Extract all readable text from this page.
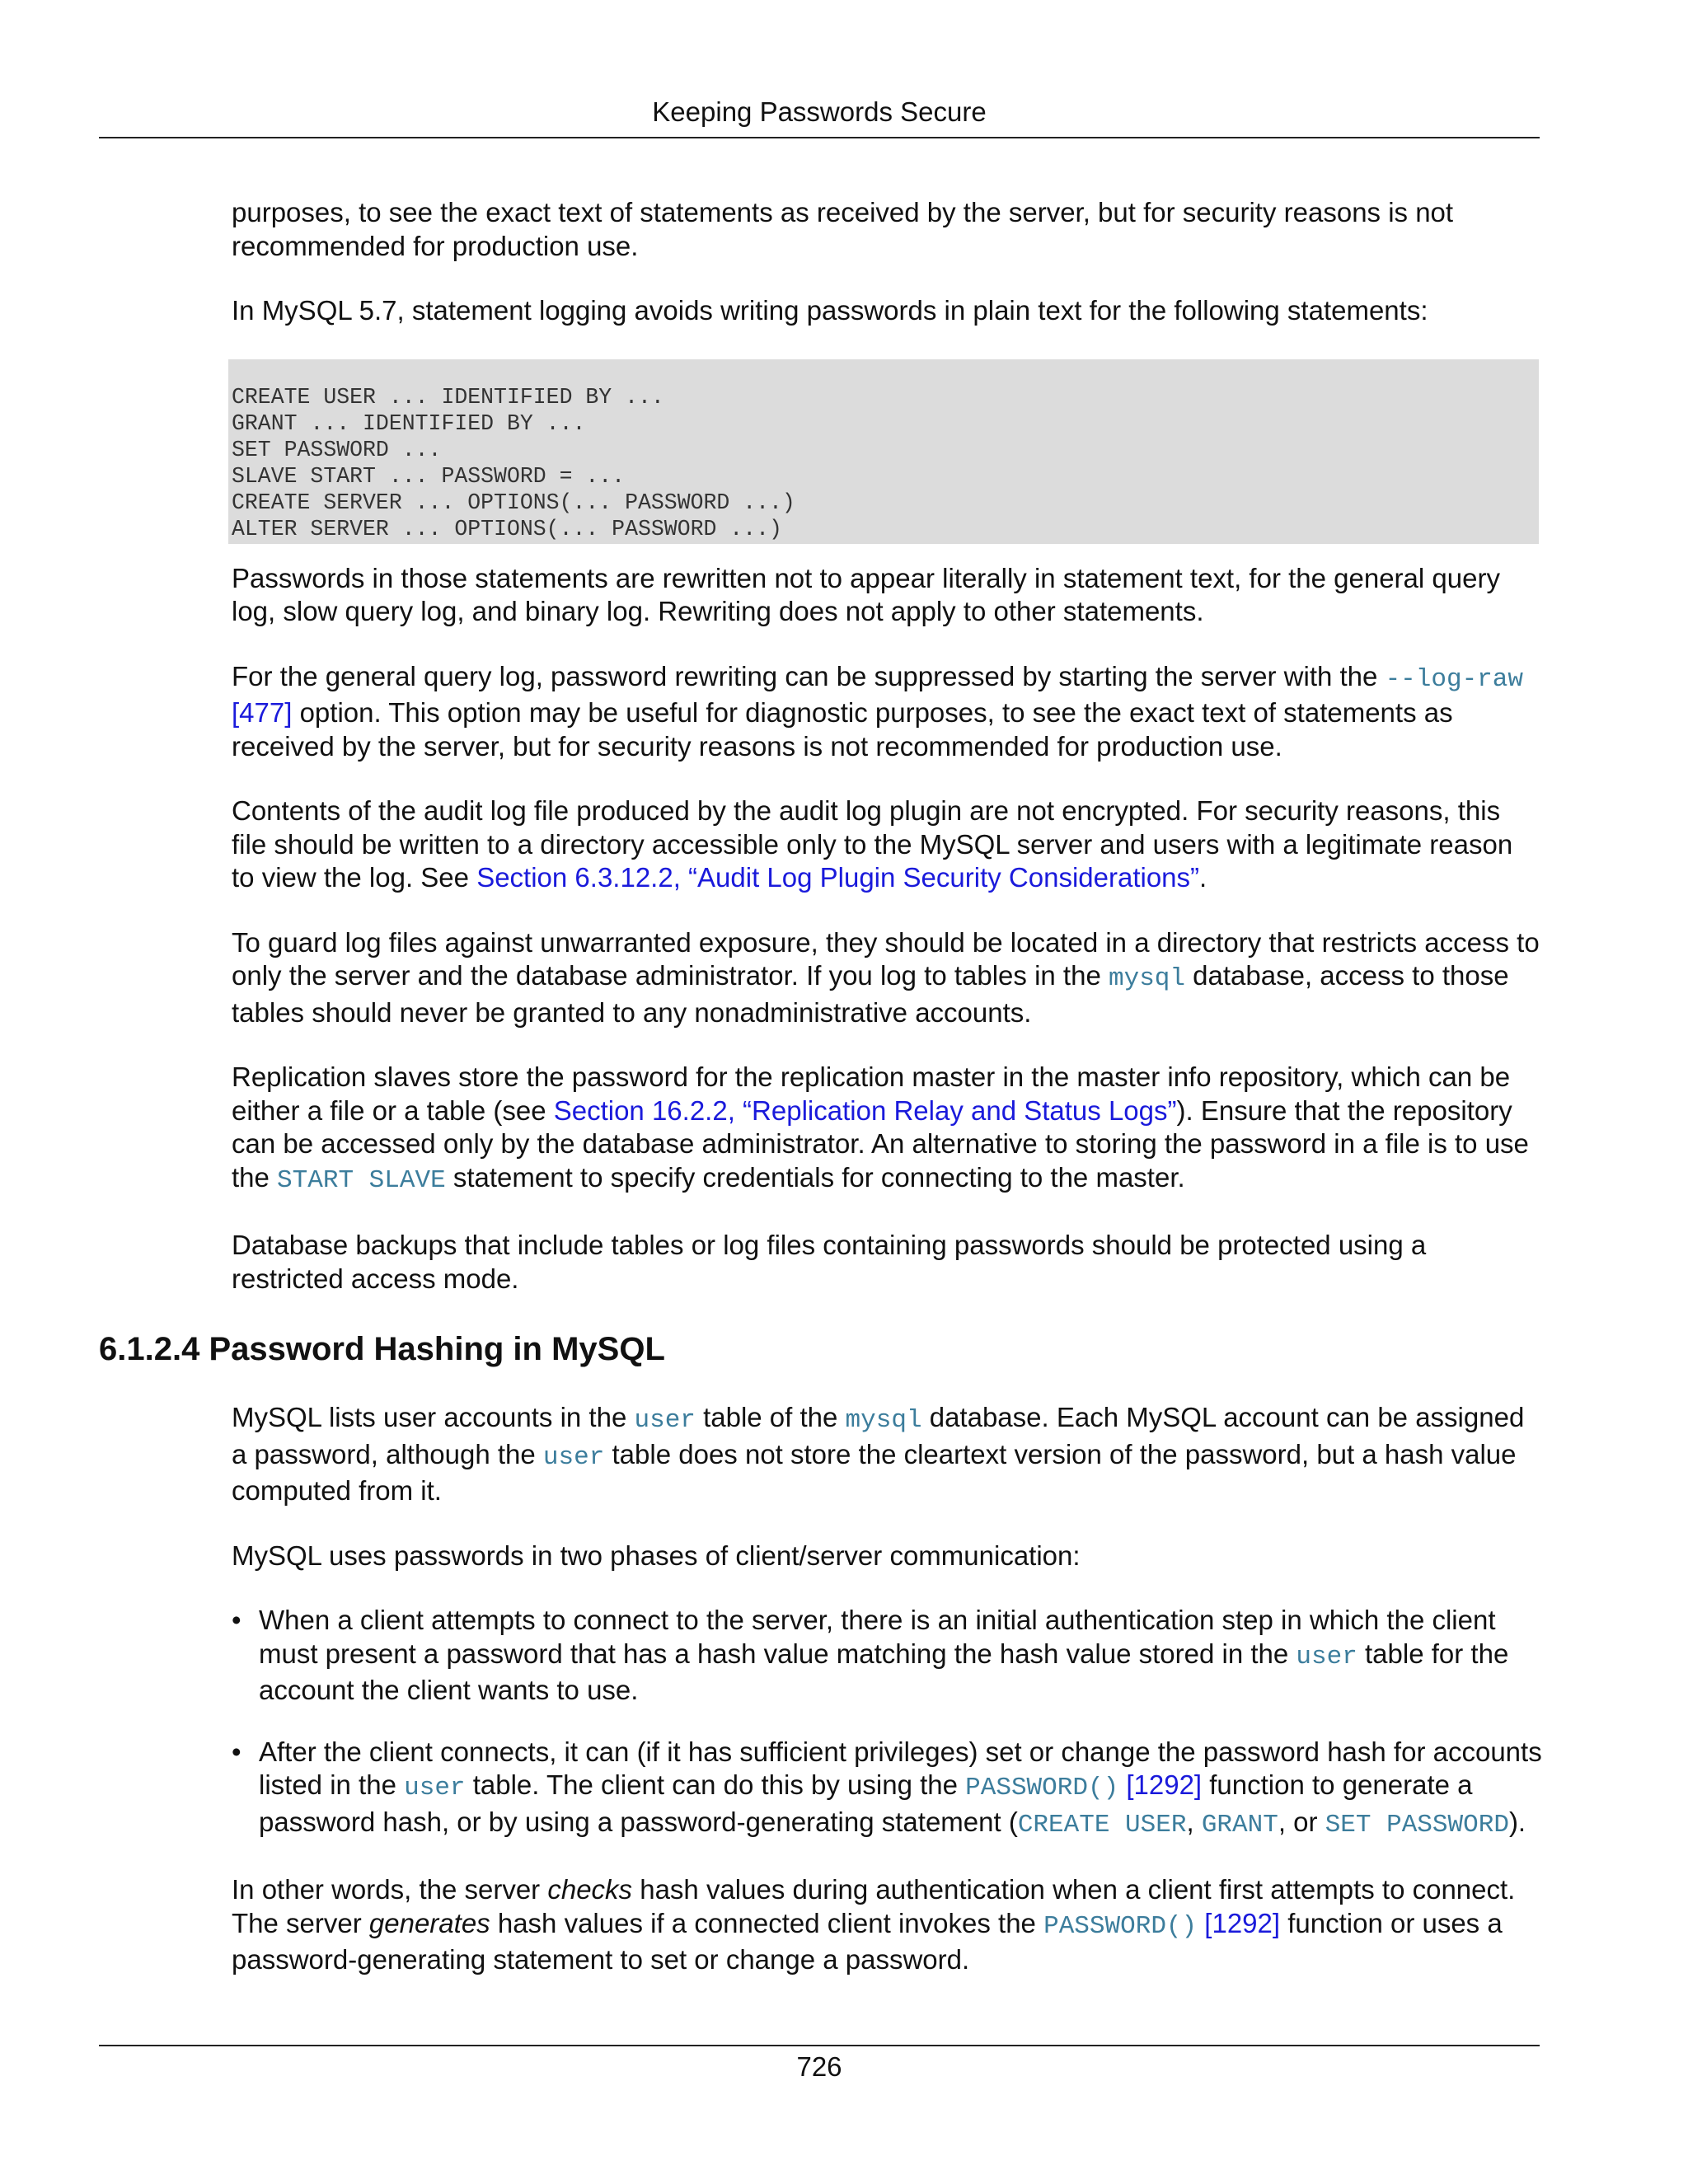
Keeping Passwords Secure

purposes, to see the exact text of statements as received by the server, but for security reasons is not recommended for production use.

In MySQL 5.7, statement logging avoids writing passwords in plain text for the following statements:

CREATE USER ... IDENTIFIED BY ...
GRANT ... IDENTIFIED BY ...
SET PASSWORD ...
SLAVE START ... PASSWORD = ...
CREATE SERVER ... OPTIONS(... PASSWORD ...)
ALTER SERVER ... OPTIONS(... PASSWORD ...)

Passwords in those statements are rewritten not to appear literally in statement text, for the general query log, slow query log, and binary log. Rewriting does not apply to other statements.

For the general query log, password rewriting can be suppressed by starting the server with the --log-raw [477] option. This option may be useful for diagnostic purposes, to see the exact text of statements as received by the server, but for security reasons is not recommended for production use.

Contents of the audit log file produced by the audit log plugin are not encrypted. For security reasons, this file should be written to a directory accessible only to the MySQL server and users with a legitimate reason to view the log. See Section 6.3.12.2, “Audit Log Plugin Security Considerations”.

To guard log files against unwarranted exposure, they should be located in a directory that restricts access to only the server and the database administrator. If you log to tables in the mysql database, access to those tables should never be granted to any nonadministrative accounts.

Replication slaves store the password for the replication master in the master info repository, which can be either a file or a table (see Section 16.2.2, “Replication Relay and Status Logs”). Ensure that the repository can be accessed only by the database administrator. An alternative to storing the password in a file is to use the START SLAVE statement to specify credentials for connecting to the master.

Database backups that include tables or log files containing passwords should be protected using a restricted access mode.

6.1.2.4 Password Hashing in MySQL

MySQL lists user accounts in the user table of the mysql database. Each MySQL account can be assigned a password, although the user table does not store the cleartext version of the password, but a hash value computed from it.

MySQL uses passwords in two phases of client/server communication:

• When a client attempts to connect to the server, there is an initial authentication step in which the client must present a password that has a hash value matching the hash value stored in the user table for the account the client wants to use.
• After the client connects, it can (if it has sufficient privileges) set or change the password hash for accounts listed in the user table. The client can do this by using the PASSWORD() [1292] function to generate a password hash, or by using a password-generating statement (CREATE USER, GRANT, or SET PASSWORD).

In other words, the server checks hash values during authentication when a client first attempts to connect. The server generates hash values if a connected client invokes the PASSWORD() [1292] function or uses a password-generating statement to set or change a password.

726
